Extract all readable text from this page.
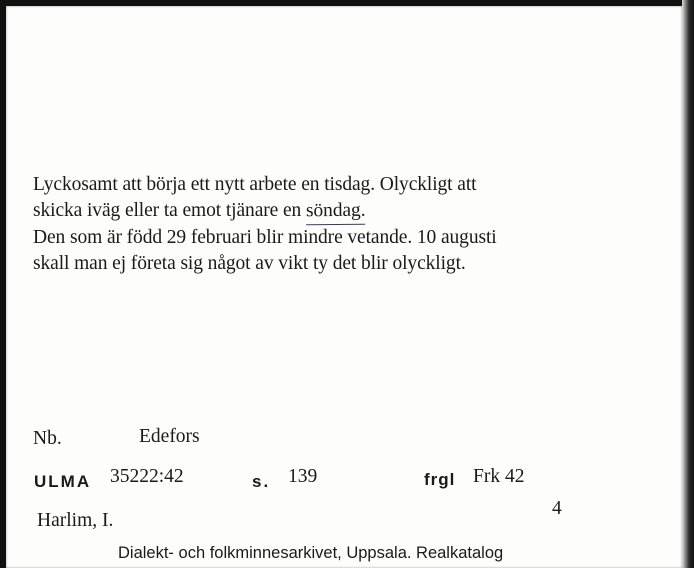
Lyckosamt att börja ett nytt arbete en tisdag. Olyckligt att

skicka iväg eller ta emot tjänare en söndag.

Den som är född 29 februari blir mindre vetande. 10 augusti

skall man ej företa sig något av vikt ty det blir olyckligt.

Nb.	Edefors
ULMA 35222:42	s. 139	frgl Frk 42
Harlim, I.
4
Dialekt- och folkminnesarkivet, Uppsala. Realkatalog
